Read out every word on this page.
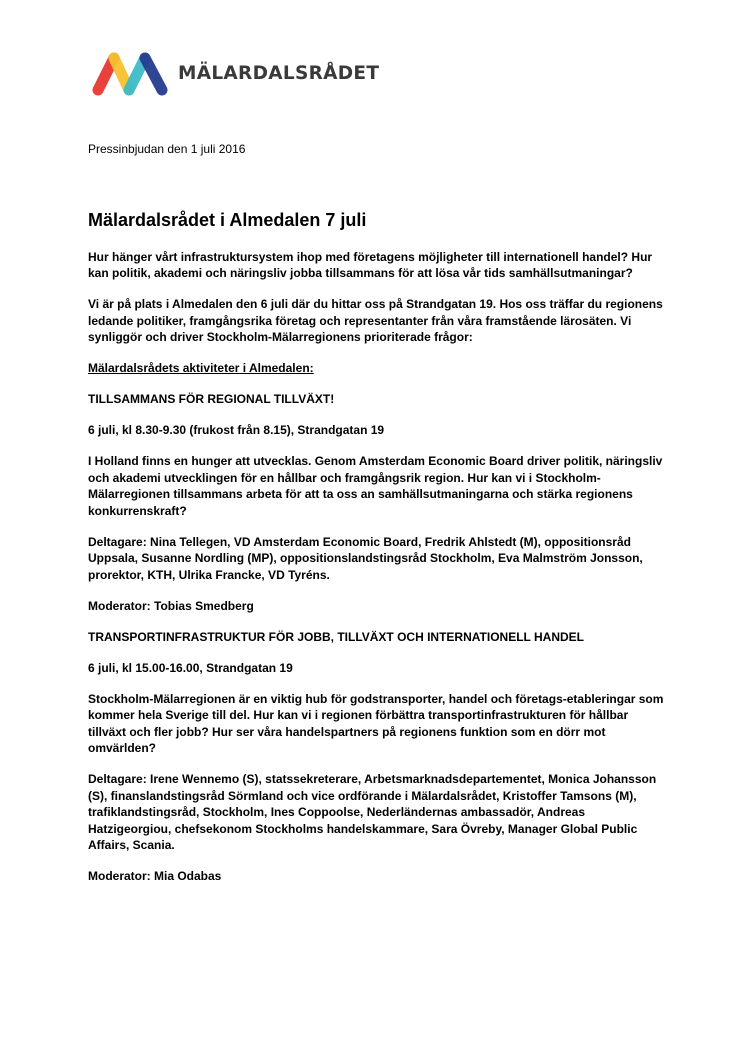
MÄLARDALSRÅDET

Pressinbjudan den 1 juli 2016

Mälardalsrådet i Almedalen 7 juli

Hur hänger vårt infrastruktursystem ihop med företagens möjligheter till internationell handel? Hur kan politik, akademi och näringsliv jobba tillsammans för att lösa vår tids samhällsutmaningar?

Vi är på plats i Almedalen den 6 juli där du hittar oss på Strandgatan 19. Hos oss träffar du regionens ledande politiker, framgångsrika företag och representanter från våra framstående lärosäten. Vi synliggör och driver Stockholm-Mälarregionens prioriterade frågor:

Mälardalsrådets aktiviteter i Almedalen:

TILLSAMMANS FÖR REGIONAL TILLVÄXT!

6 juli, kl 8.30-9.30 (frukost från 8.15), Strandgatan 19

I Holland finns en hunger att utvecklas. Genom Amsterdam Economic Board driver politik, näringsliv och akademi utvecklingen för en hållbar och framgångsrik region. Hur kan vi i Stockholm-Mälarregionen tillsammans arbeta för att ta oss an samhällsutmaningarna och stärka regionens konkurrenskraft?

Deltagare: Nina Tellegen, VD Amsterdam Economic Board, Fredrik Ahlstedt (M), oppositionsråd Uppsala, Susanne Nordling (MP), oppositionslandstingsråd Stockholm, Eva Malmström Jonsson, prorektor, KTH, Ulrika Francke, VD Tyréns.

Moderator: Tobias Smedberg

TRANSPORTINFRASTRUKTUR FÖR JOBB, TILLVÄXT OCH INTERNATIONELL HANDEL

6 juli, kl 15.00-16.00, Strandgatan 19

Stockholm-Mälarregionen är en viktig hub för godstransporter, handel och företags-etableringar som kommer hela Sverige till del. Hur kan vi i regionen förbättra transportinfrastrukturen för hållbar tillväxt och fler jobb? Hur ser våra handelspartners på regionens funktion som en dörr mot omvärlden?

Deltagare: Irene Wennemo (S), statssekreterare, Arbetsmarknadsdepartementet, Monica Johansson (S), finanslandstingsråd Sörmland och vice ordförande i Mälardalsrådet, Kristoffer Tamsons (M), trafiklandstingsråd, Stockholm, Ines Coppoolse, Nederländernas ambassadör, Andreas Hatzigeorgiou, chefsekonom Stockholms handelskammare, Sara Övreby, Manager Global Public Affairs, Scania.

Moderator: Mia Odabas
